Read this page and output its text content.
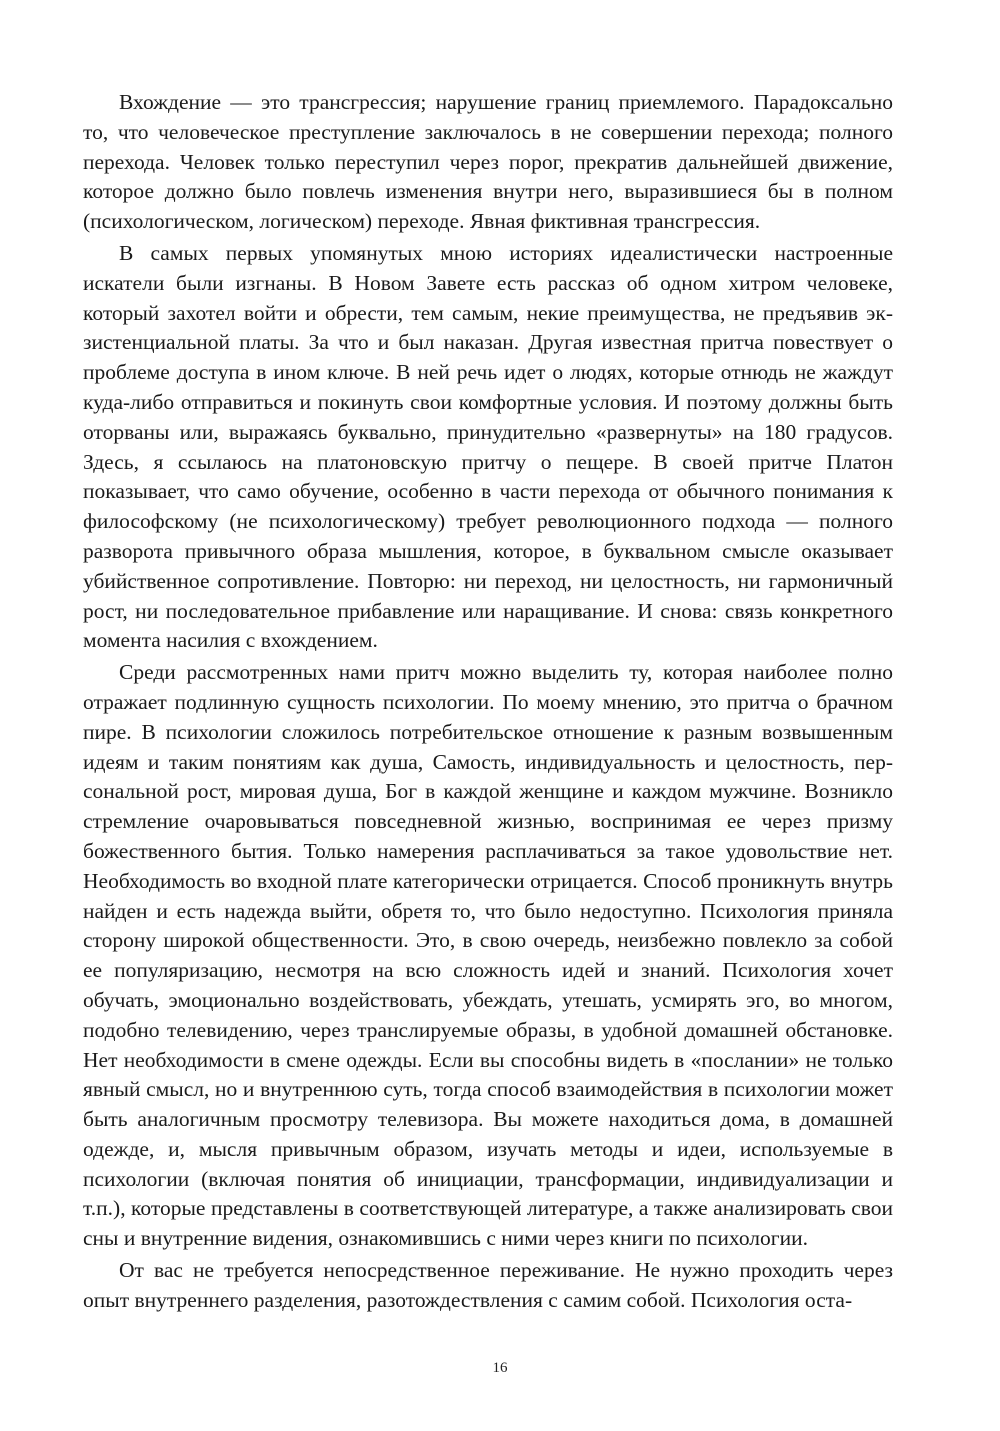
Вхождение — это трансгрессия; нарушение границ приемлемого. Парадоксально то, что человеческое преступление заключалось в не совершении перехода; полного перехода. Человек только переступил через порог, прекратив дальнейшей движение, которое должно было повлечь изменения внутри него, выразившиеся бы в полном (психологическом, логическом) переходе. Явная фиктивная трансгрессия.

В самых первых упомянутых мною историях идеалистически настроенные искатели были изгнаны. В Новом Завете есть рассказ об одном хитром человеке, который захотел войти и обрести, тем самым, некие преимущества, не предъявив экзистенциальной платы. За что и был наказан. Другая известная притча повествует о проблеме доступа в ином ключе. В ней речь идет о людях, которые отнюдь не жаждут куда-либо отправиться и покинуть свои комфортные условия. И поэтому должны быть оторваны или, выражаясь буквально, принудительно «развернуты» на 180 градусов. Здесь, я ссылаюсь на платоновскую притчу о пещере. В своей притче Платон показывает, что само обучение, особенно в части перехода от обычного понимания к философскому (не психологическому) требует революционного подхода — полного разворота привычного образа мышления, которое, в буквальном смысле оказывает убийственное сопротивление. Повторю: ни переход, ни целостность, ни гармоничный рост, ни последовательное прибавление или наращивание. И снова: связь конкретного момента насилия с вхождением.

Среди рассмотренных нами притч можно выделить ту, которая наиболее полно отражает подлинную сущность психологии. По моему мнению, это притча о брачном пире. В психологии сложилось потребительское отношение к разным возвышенным идеям и таким понятиям как душа, Самость, индивидуальность и целостность, персональной рост, мировая душа, Бог в каждой женщине и каждом мужчине. Возникло стремление очаровываться повседневной жизнью, воспринимая ее через призму божественного бытия. Только намерения расплачиваться за такое удовольствие нет. Необходимость во входной плате категорически отрицается. Способ проникнуть внутрь найден и есть надежда выйти, обретя то, что было недоступно. Психология приняла сторону широкой общественности. Это, в свою очередь, неизбежно повлекло за собой ее популяризацию, несмотря на всю сложность идей и знаний. Психология хочет обучать, эмоционально воздействовать, убеждать, утешать, усмирять эго, во многом, подобно телевидению, через транслируемые образы, в удобной домашней обстановке. Нет необходимости в смене одежды. Если вы способны видеть в «послании» не только явный смысл, но и внутреннюю суть, тогда способ взаимодействия в психологии может быть аналогичным просмотру телевизора. Вы можете находиться дома, в домашней одежде, и, мысля привычным образом, изучать методы и идеи, используемые в психологии (включая понятия об инициации, трансформации, индивидуализации и т.п.), которые представлены в соответствующей литературе, а также анализировать свои сны и внутренние видения, ознакомившись с ними через книги по психологии.

От вас не требуется непосредственное переживание. Не нужно проходить через опыт внутреннего разделения, разотождествления с самим собой. Психология оста-

16
